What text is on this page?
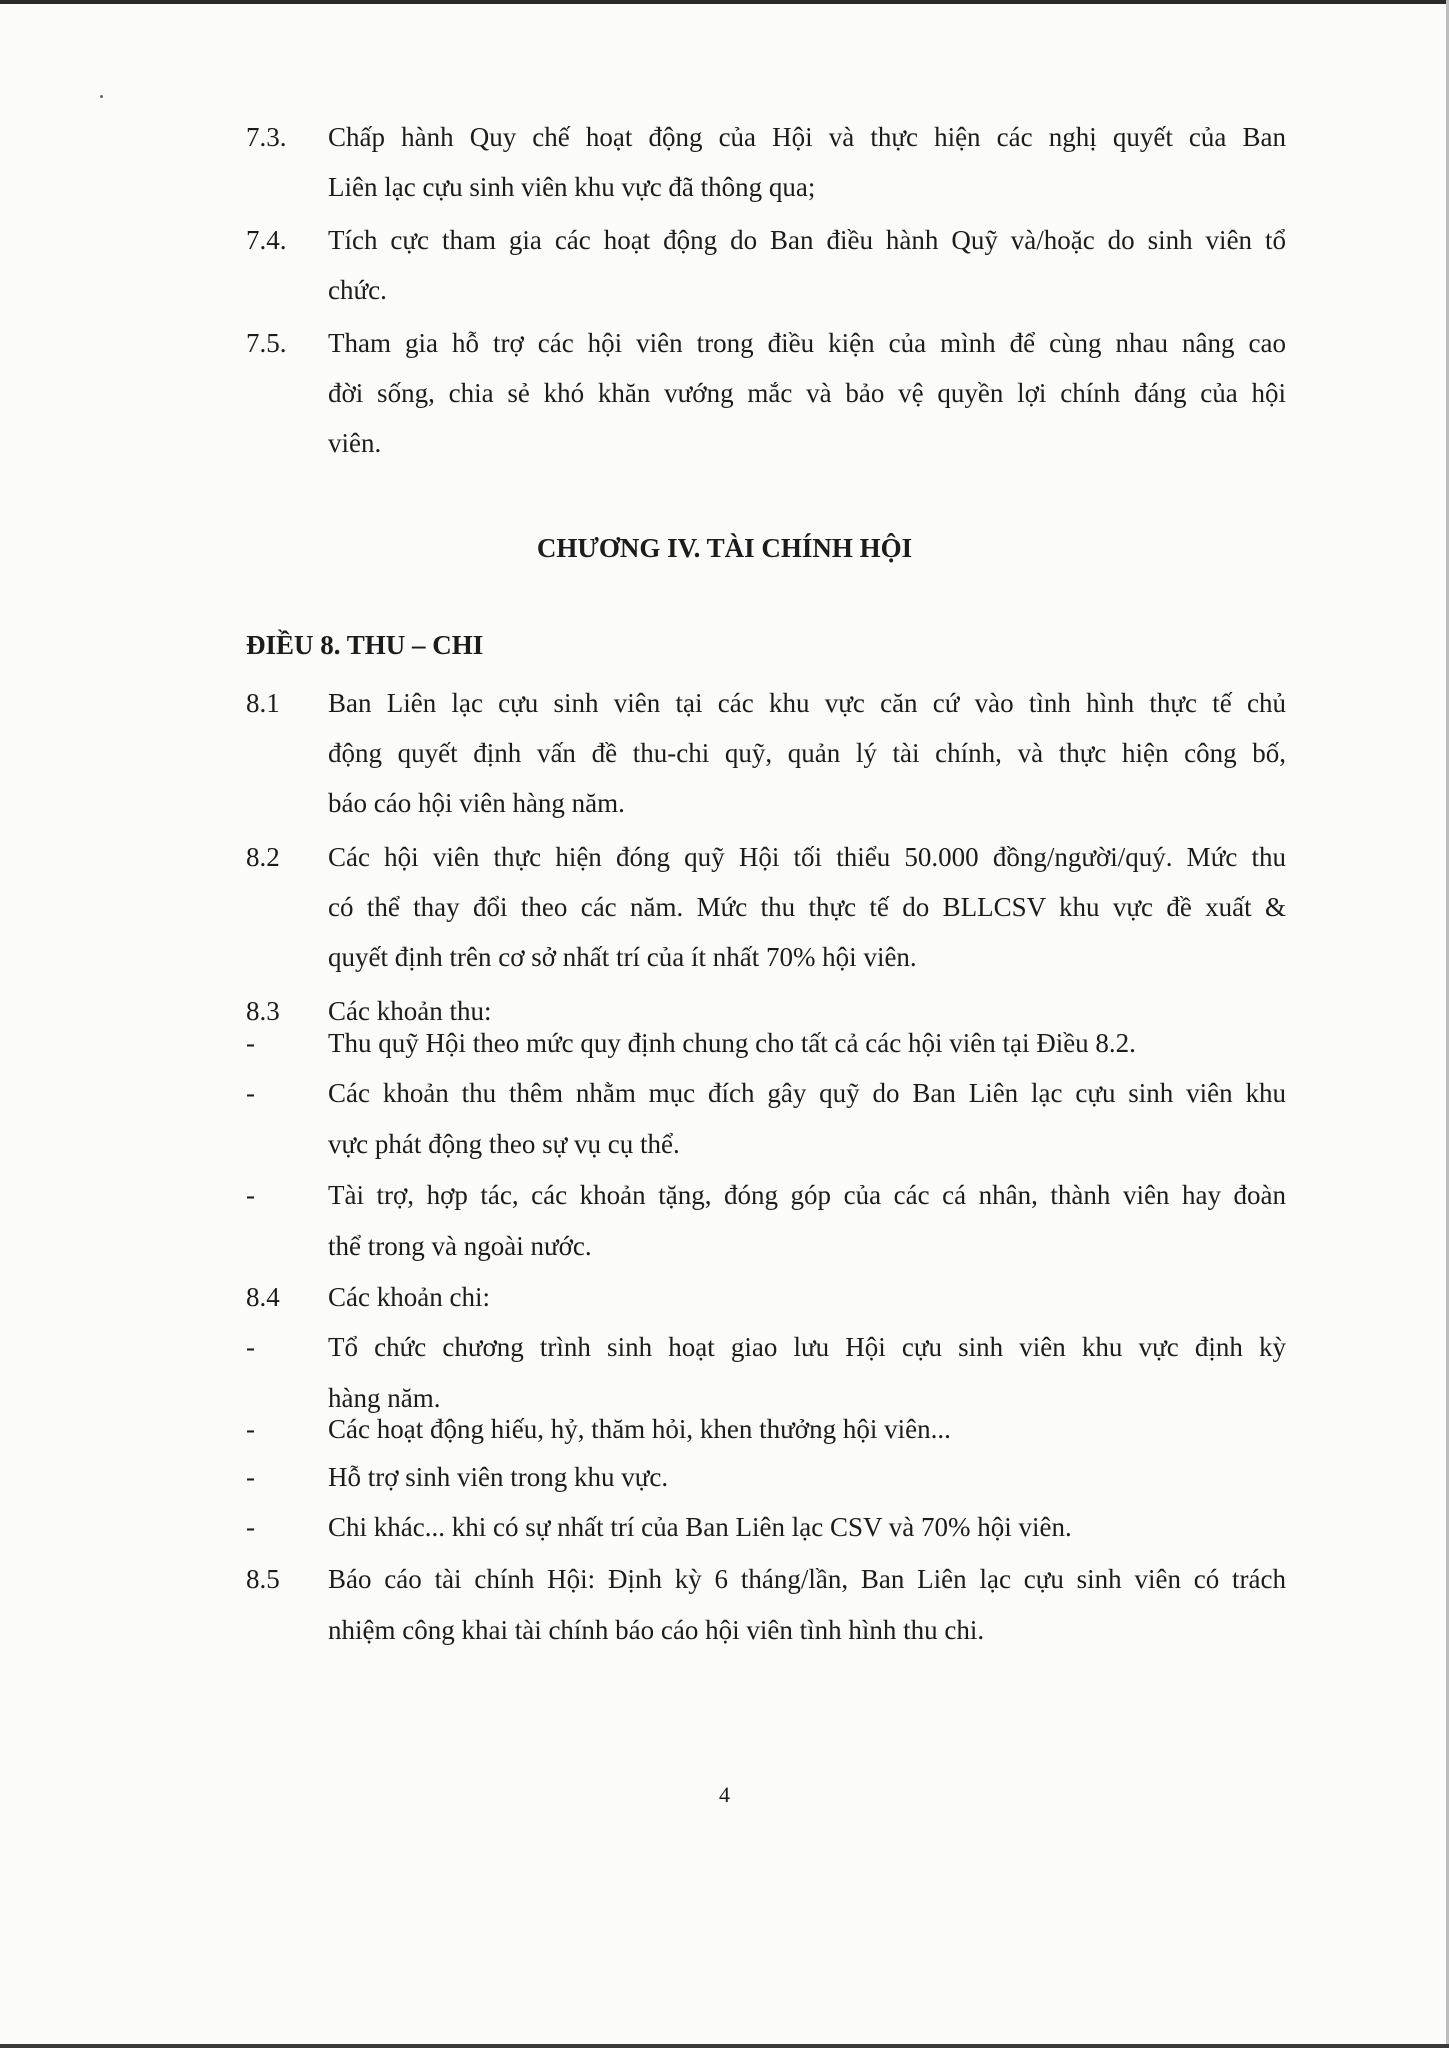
7.3.	Chấp hành Quy chế hoạt động của Hội và thực hiện các nghị quyết của Ban
Liên lạc cựu sinh viên khu vực đã thông qua;
7.4.	Tích cực tham gia các hoạt động do Ban điều hành Quỹ và/hoặc do sinh viên tổ
chức.
7.5.	Tham gia hỗ trợ các hội viên trong điều kiện của mình để cùng nhau nâng cao
đời sống, chia sẻ khó khăn vướng mắc và bảo vệ quyền lợi chính đáng của hội
viên.
CHƯƠNG IV. TÀI CHÍNH HỘI
ĐIỀU 8. THU – CHI
8.1	Ban Liên lạc cựu sinh viên tại các khu vực căn cứ vào tình hình thực tế chủ
động quyết định vấn đề thu-chi quỹ, quản lý tài chính, và thực hiện công bố,
báo cáo hội viên hàng năm.
8.2	Các hội viên thực hiện đóng quỹ Hội tối thiểu 50.000 đồng/người/quý. Mức thu
có thể thay đổi theo các năm. Mức thu thực tế do BLLCSV khu vực đề xuất &
quyết định trên cơ sở nhất trí của ít nhất 70% hội viên.
8.3	Các khoản thu:
-	Thu quỹ Hội theo mức quy định chung cho tất cả các hội viên tại Điều 8.2.
-	Các khoản thu thêm nhằm mục đích gây quỹ do Ban Liên lạc cựu sinh viên khu
vực phát động theo sự vụ cụ thể.
-	Tài trợ, hợp tác, các khoản tặng, đóng góp của các cá nhân, thành viên hay đoàn
thể trong và ngoài nước.
8.4	Các khoản chi:
-	Tổ chức chương trình sinh hoạt giao lưu Hội cựu sinh viên khu vực định kỳ
hàng năm.
-	Các hoạt động hiếu, hỷ, thăm hỏi, khen thưởng hội viên...
-	Hỗ trợ sinh viên trong khu vực.
-	Chi khác... khi có sự nhất trí của Ban Liên lạc CSV và 70% hội viên.
8.5	Báo cáo tài chính Hội: Định kỳ 6 tháng/lần, Ban Liên lạc cựu sinh viên có trách
nhiệm công khai tài chính báo cáo hội viên tình hình thu chi.
4
